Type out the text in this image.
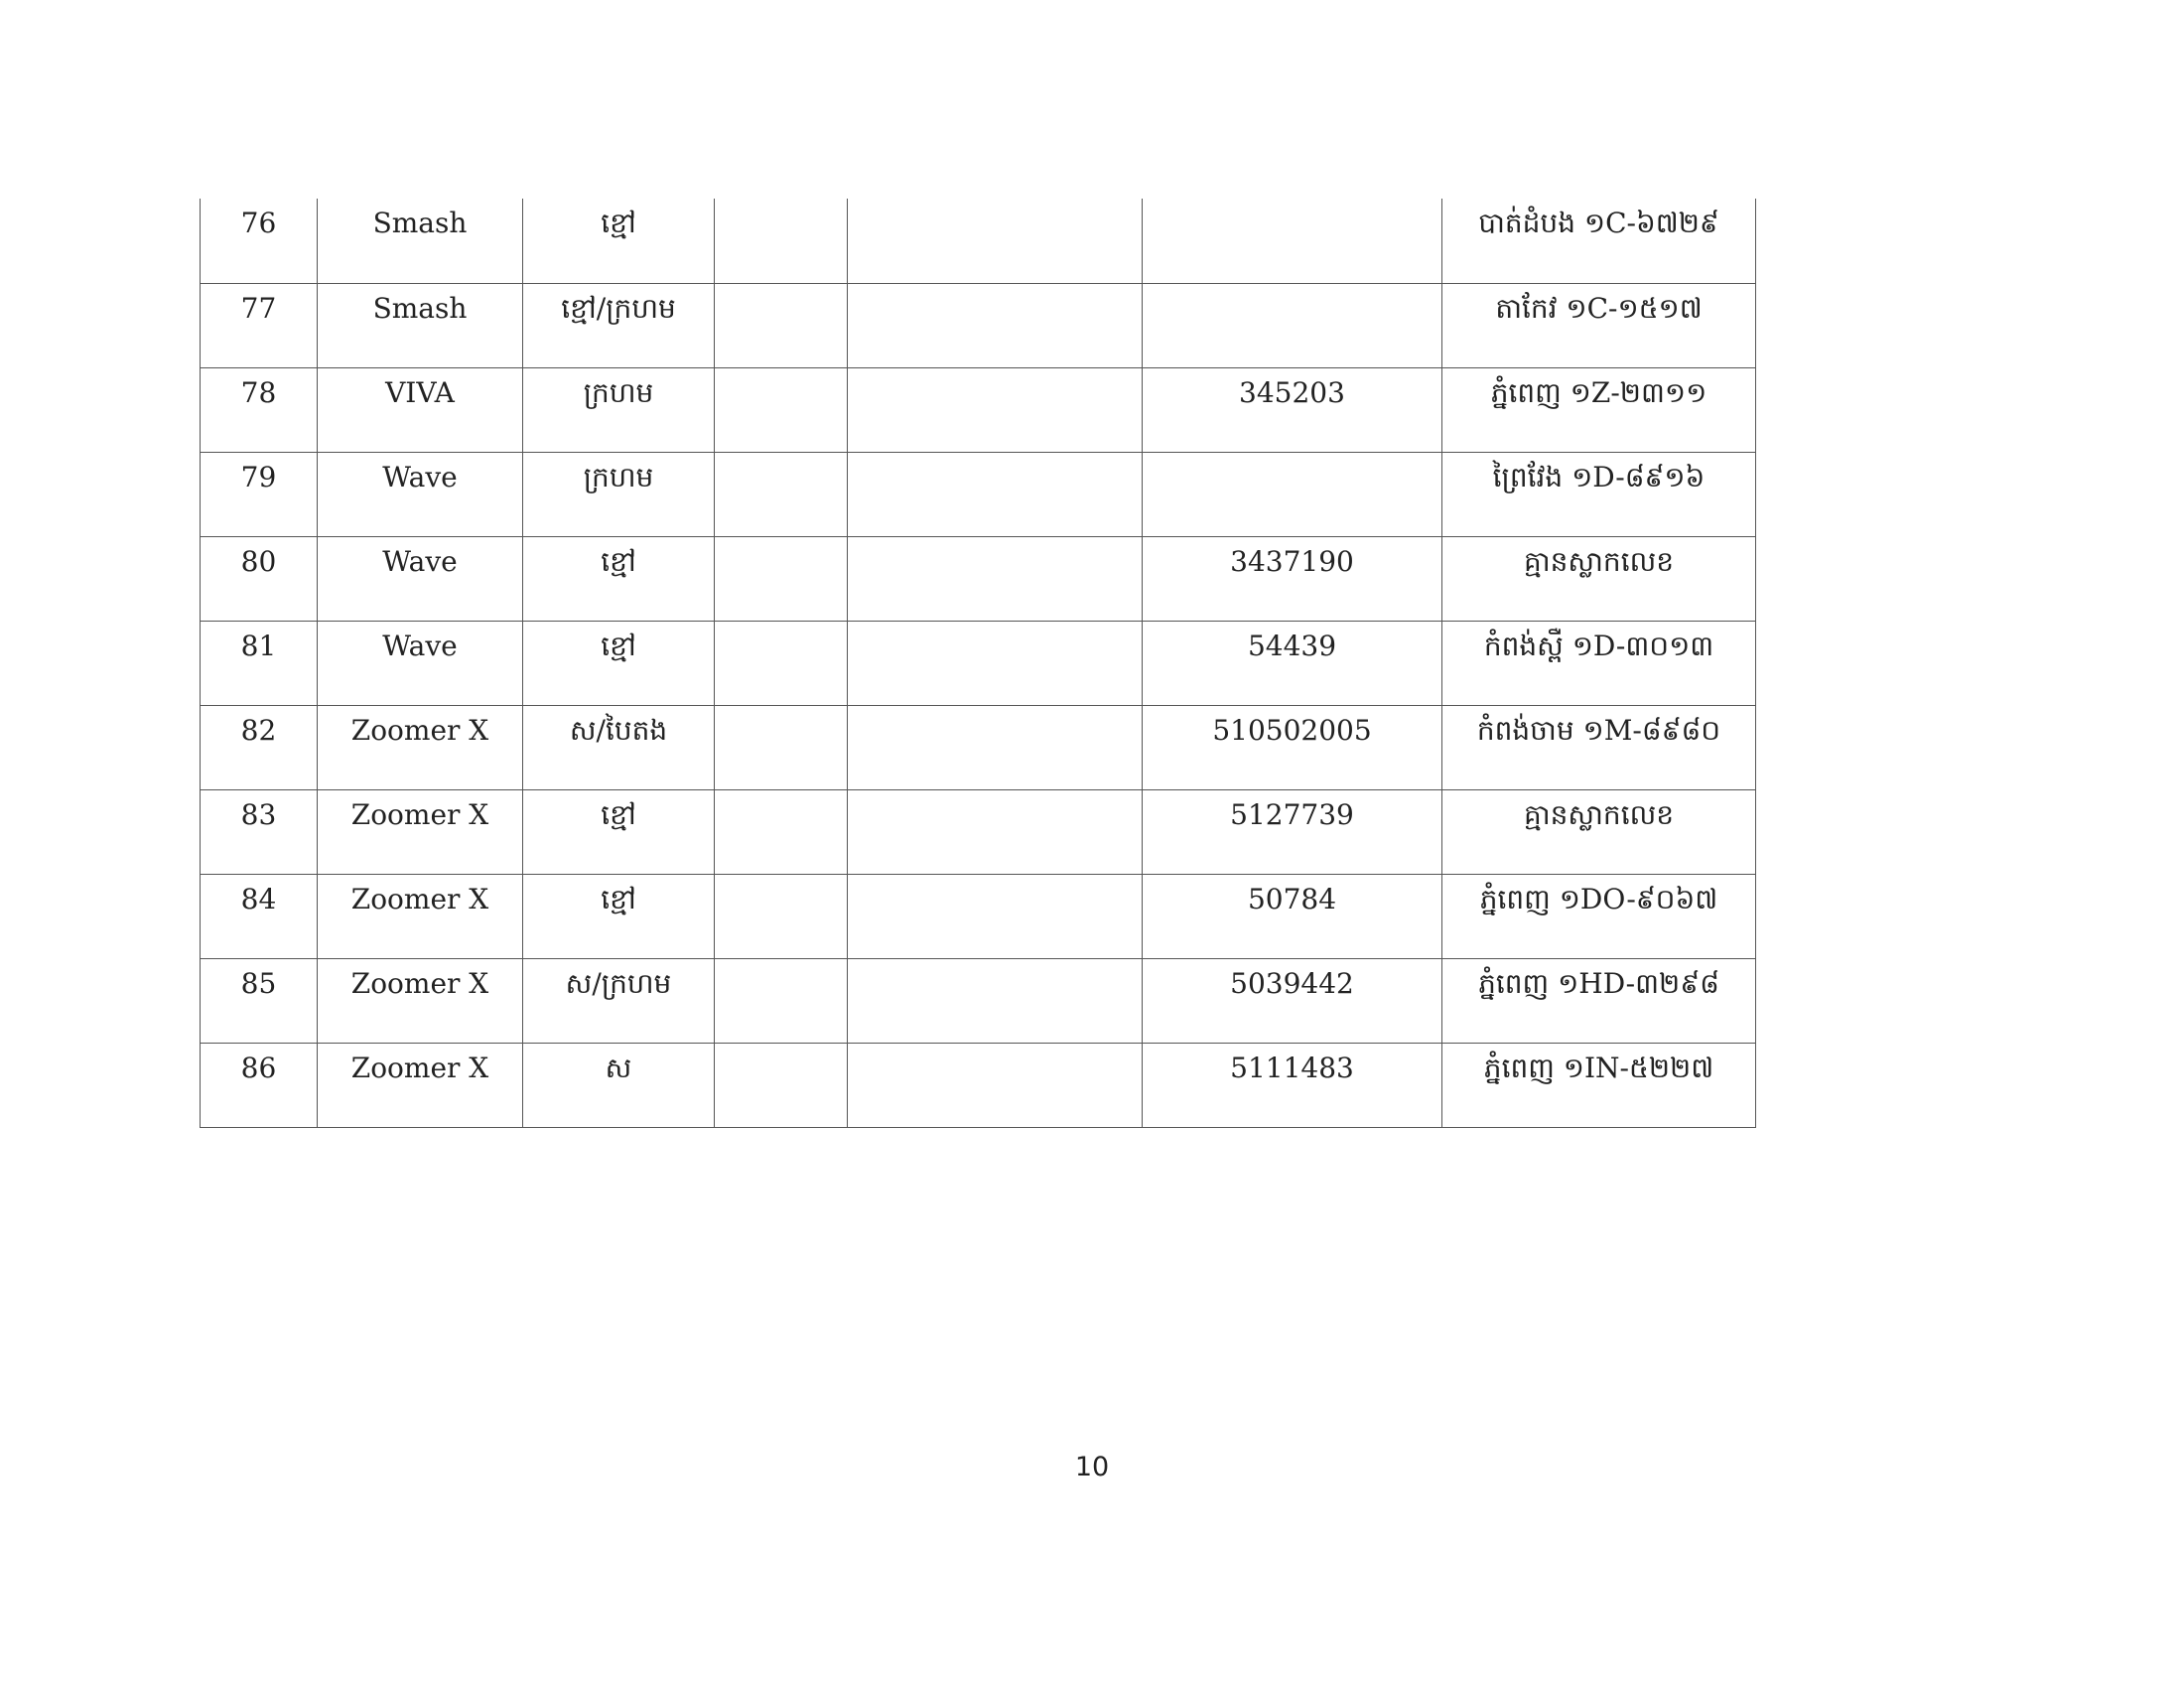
76	Smash	ខ្មៅ				បាត់ដំបង ១C-៦៧២៩
77	Smash	ខ្មៅ/ក្រហម				តាកែវ ១C-១៥១៧
78	VIVA	ក្រហម			345203	ភ្នំពេញ ១Z-២៣១១
79	Wave	ក្រហម				ព្រៃវែង ១D-៨៩១៦
80	Wave	ខ្មៅ			3437190	គ្មានស្លាកលេខ
81	Wave	ខ្មៅ			54439	កំពង់ស្ពឺ ១D-៣០១៣
82	Zoomer X	ស/បៃតង			510502005	កំពង់ចាម ១M-៨៩៨០
83	Zoomer X	ខ្មៅ			5127739	គ្មានស្លាកលេខ
84	Zoomer X	ខ្មៅ			50784	ភ្នំពេញ ១DO-៩០៦៧
85	Zoomer X	ស/ក្រហម			5039442	ភ្នំពេញ ១HD-៣២៩៨
86	Zoomer X	ស			5111483	ភ្នំពេញ ១IN-៥២២៧
10
